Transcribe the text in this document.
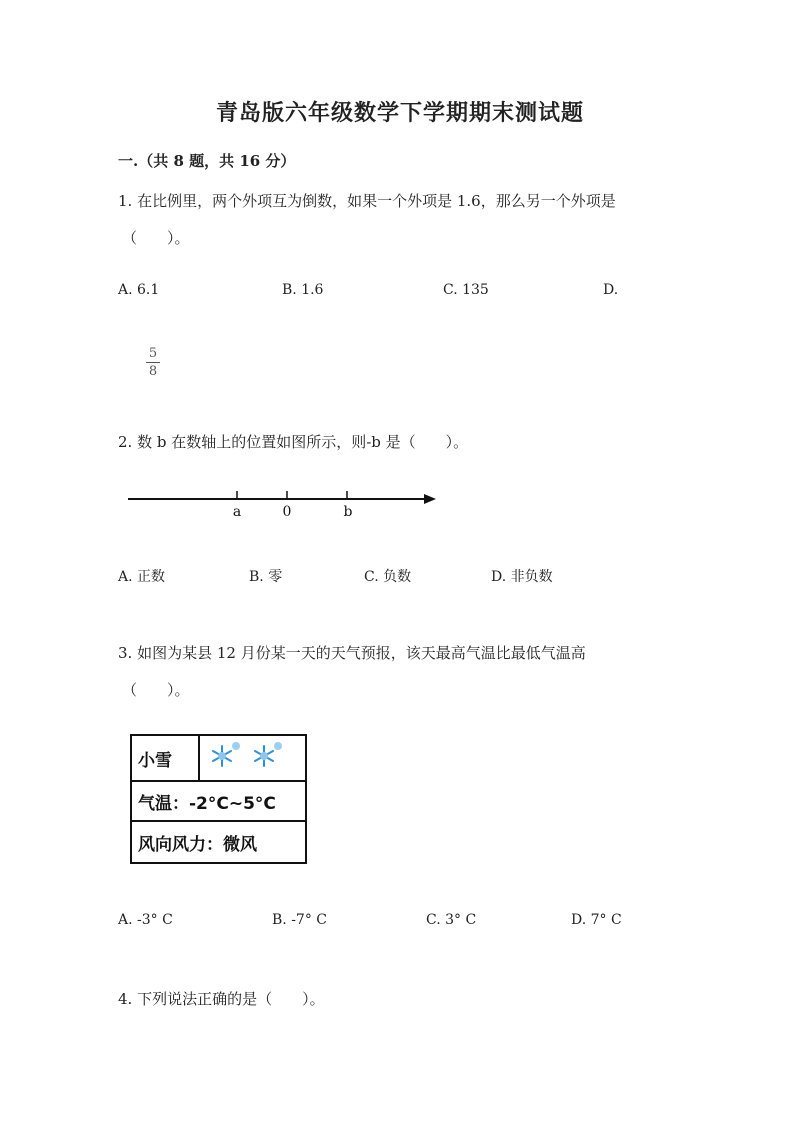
青岛版六年级数学下学期期末测试题
一.（共 8 题，共 16 分）
1. 在比例里，两个外项互为倒数，如果一个外项是 1.6，那么另一个外项是
（　　）。
A. 6.1	B. 1.6	C. 135	D.
5
8
2. 数 b 在数轴上的位置如图所示，则-b 是（　　）。
a	0	b
A. 正数	B. 零	C. 负数	D. 非负数
3. 如图为某县 12 月份某一天的天气预报，该天最高气温比最低气温高
（　　）。
小雪
气温：-2°C~5°C
风向风力：微风
A. -3° C	B. -7° C	C. 3° C	D. 7° C
4. 下列说法正确的是（　　）。
